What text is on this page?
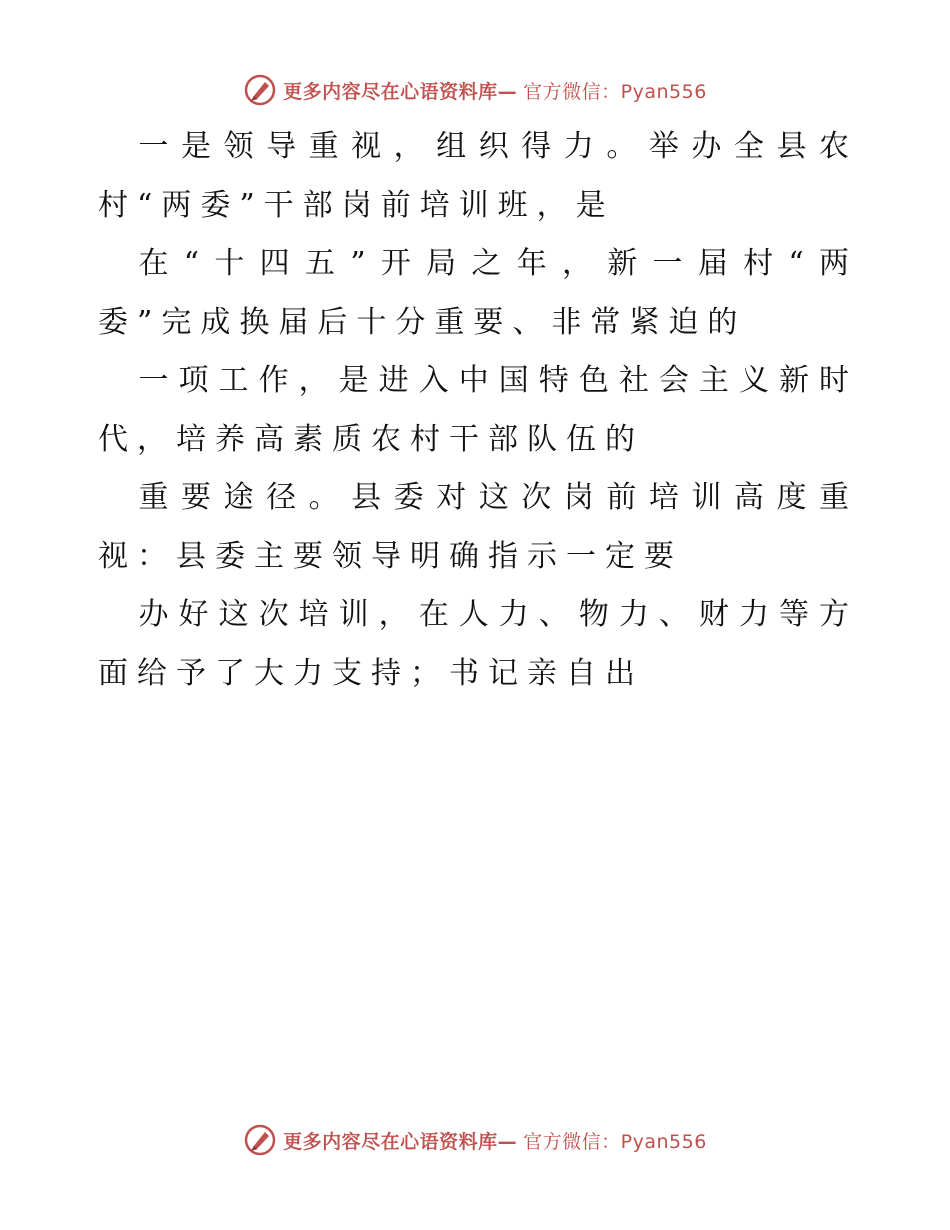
更多内容尽在心语资料库— 官方微信：Pyan556

一是领导重视，组织得力。举办全县农村“两委”干部岗前培训班，是

在“十四五”开局之年，新一届村“两委”完成换届后十分重要、非常紧迫的

一项工作，是进入中国特色社会主义新时代，培养高素质农村干部队伍的

重要途径。县委对这次岗前培训高度重视：县委主要领导明确指示一定要

办好这次培训，在人力、物力、财力等方面给予了大力支持；书记亲自出

更多内容尽在心语资料库— 官方微信：Pyan556
